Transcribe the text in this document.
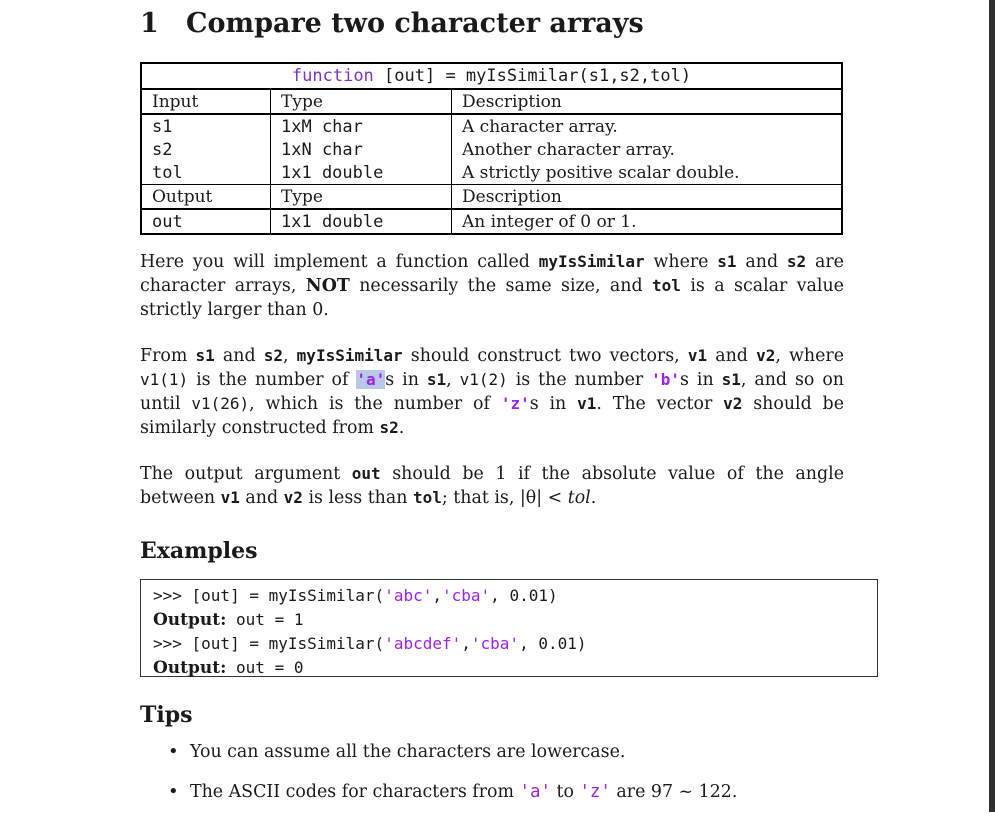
1 Compare two character arrays
function [out] = myIsSimilar(s1,s2,tol)		
Input	Type	Description
s1	1xM char	A character array.
s2	1xN char	Another character array.
tol	1x1 double	A strictly positive scalar double.
Output	Type	Description
out	1x1 double	An integer of 0 or 1.
Here you will implement a function called myIsSimilar where s1 and s2 are character arrays, NOT necessarily the same size, and tol is a scalar value strictly larger than 0.
From s1 and s2, myIsSimilar should construct two vectors, v1 and v2, where v1(1) is the number of 'a's in s1, v1(2) is the number 'b's in s1, and so on until v1(26), which is the number of 'z's in v1. The vector v2 should be similarly constructed from s2.
The output argument out should be 1 if the absolute value of the angle between v1 and v2 is less than tol; that is, |θ| < tol.
Examples
>>> [out] = myIsSimilar('abc','cba', 0.01)
Output: out = 1
>>> [out] = myIsSimilar('abcdef','cba', 0.01)
Output: out = 0
Tips
• You can assume all the characters are lowercase.
• The ASCII codes for characters from 'a' to 'z' are 97 ~ 122.
